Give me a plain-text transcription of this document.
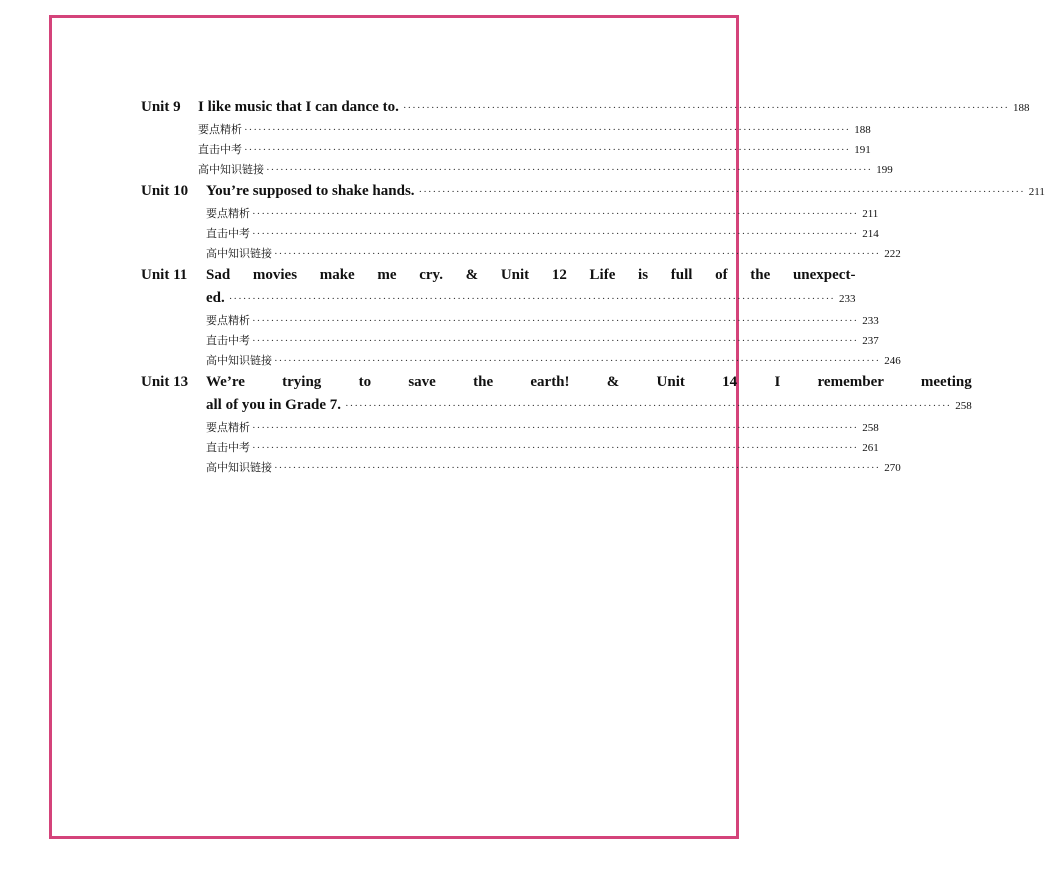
Unit 9	I like music that I can dance to. ·····	188
要点精析 ·····	188
直击中考 ·····	191
高中知识链接 ·····	199
Unit 10	You’re supposed to shake hands. ·····	211
要点精析 ·····	211
直击中考 ·····	214
高中知识链接 ·····	222
Unit 11	Sad movies make me cry. & Unit 12 Life is full of the unexpect-
ed. ·····	233
要点精析 ·····	233
直击中考 ·····	237
高中知识链接 ·····	246
Unit 13	We’re trying to save the earth! & Unit 14 I remember meeting
all of you in Grade 7. ·····	258
要点精析 ·····	258
直击中考 ·····	261
高中知识链接 ·····	270
